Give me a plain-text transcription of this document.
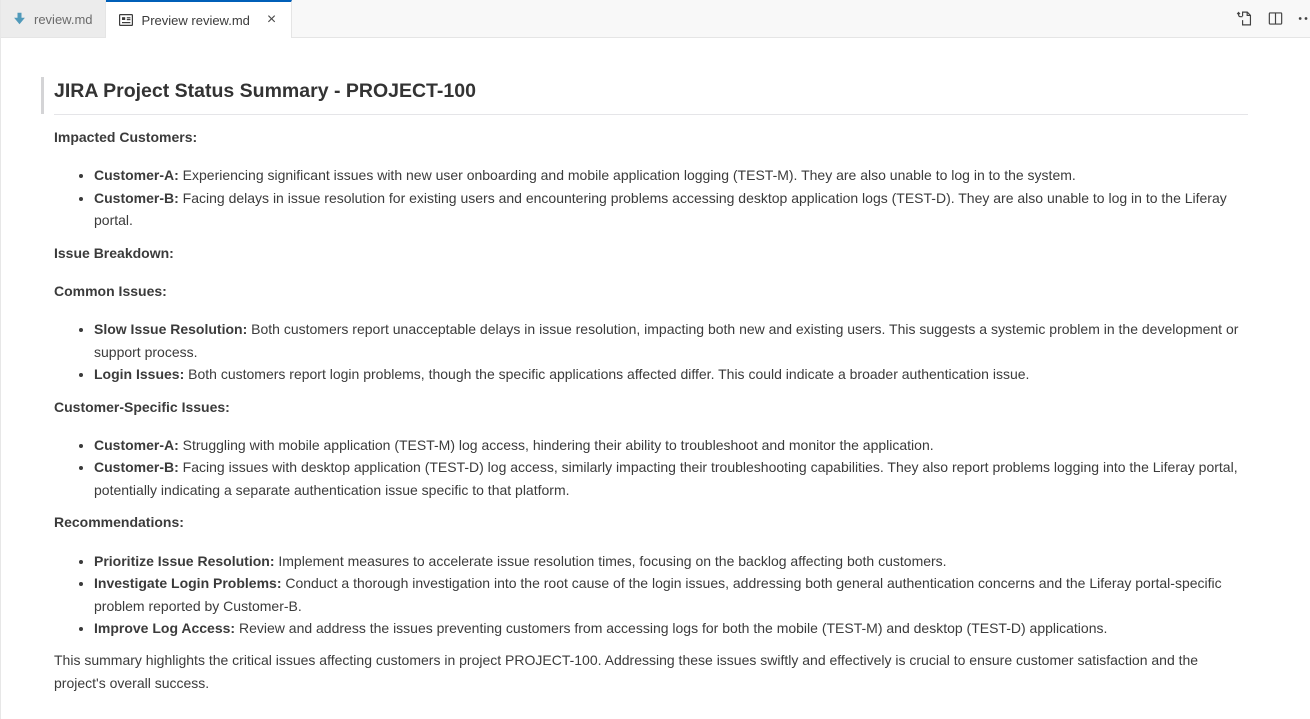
review.md	Preview review.md ×
JIRA Project Status Summary - PROJECT-100

Impacted Customers:

• Customer-A: Experiencing significant issues with new user onboarding and mobile application logging (TEST-M). They are also unable to log in to the system.
• Customer-B: Facing delays in issue resolution for existing users and encountering problems accessing desktop application logs (TEST-D). They are also unable to log in to the Liferay portal.

Issue Breakdown:

Common Issues:

• Slow Issue Resolution: Both customers report unacceptable delays in issue resolution, impacting both new and existing users. This suggests a systemic problem in the development or support process.
• Login Issues: Both customers report login problems, though the specific applications affected differ. This could indicate a broader authentication issue.

Customer-Specific Issues:

• Customer-A: Struggling with mobile application (TEST-M) log access, hindering their ability to troubleshoot and monitor the application.
• Customer-B: Facing issues with desktop application (TEST-D) log access, similarly impacting their troubleshooting capabilities. They also report problems logging into the Liferay portal, potentially indicating a separate authentication issue specific to that platform.

Recommendations:

• Prioritize Issue Resolution: Implement measures to accelerate issue resolution times, focusing on the backlog affecting both customers.
• Investigate Login Problems: Conduct a thorough investigation into the root cause of the login issues, addressing both general authentication concerns and the Liferay portal-specific problem reported by Customer-B.
• Improve Log Access: Review and address the issues preventing customers from accessing logs for both the mobile (TEST-M) and desktop (TEST-D) applications.

This summary highlights the critical issues affecting customers in project PROJECT-100. Addressing these issues swiftly and effectively is crucial to ensure customer satisfaction and the project's overall success.
